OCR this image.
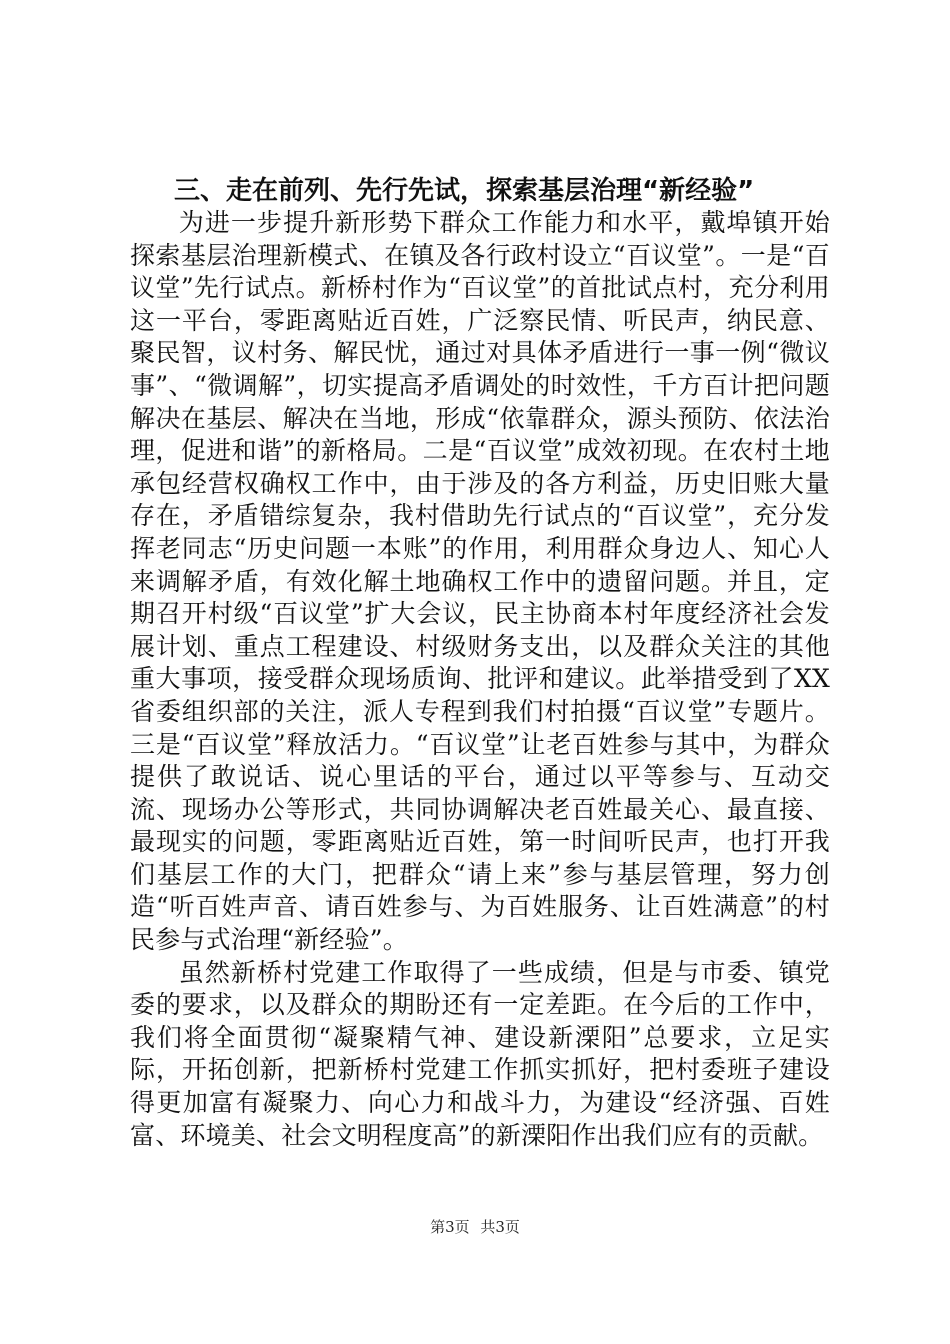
三、走在前列、先行先试，探索基层治理“新经验”

为进一步提升新形势下群众工作能力和水平，戴埠镇开始探索基层治理新模式、在镇及各行政村设立“百议堂”。一是“百议堂”先行试点。新桥村作为“百议堂”的首批试点村，充分利用这一平台，零距离贴近百姓，广泛察民情、听民声，纳民意、聚民智，议村务、解民忧，通过对具体矛盾进行一事一例“微议事”、“微调解”，切实提高矛盾调处的时效性，千方百计把问题解决在基层、解决在当地，形成“依靠群众，源头预防、依法治理，促进和谐”的新格局。二是“百议堂”成效初现。在农村土地承包经营权确权工作中，由于涉及的各方利益，历史旧账大量存在，矛盾错综复杂，我村借助先行试点的“百议堂”，充分发挥老同志“历史问题一本账”的作用，利用群众身边人、知心人来调解矛盾，有效化解土地确权工作中的遗留问题。并且，定期召开村级“百议堂”扩大会议，民主协商本村年度经济社会发展计划、重点工程建设、村级财务支出，以及群众关注的其他重大事项，接受群众现场质询、批评和建议。此举措受到了XX省委组织部的关注，派人专程到我们村拍摄“百议堂”专题片。三是“百议堂”释放活力。“百议堂”让老百姓参与其中，为群众提供了敢说话、说心里话的平台，通过以平等参与、互动交流、现场办公等形式，共同协调解决老百姓最关心、最直接、最现实的问题，零距离贴近百姓，第一时间听民声，也打开我们基层工作的大门，把群众“请上来”参与基层管理，努力创造“听百姓声音、请百姓参与、为百姓服务、让百姓满意”的村民参与式治理“新经验”。

虽然新桥村党建工作取得了一些成绩，但是与市委、镇党委的要求，以及群众的期盼还有一定差距。在今后的工作中，我们将全面贯彻“凝聚精气神、建设新溧阳”总要求，立足实际，开拓创新，把新桥村党建工作抓实抓好，把村委班子建设得更加富有凝聚力、向心力和战斗力，为建设“经济强、百姓富、环境美、社会文明程度高”的新溧阳作出我们应有的贡献。

第3页 共3页
